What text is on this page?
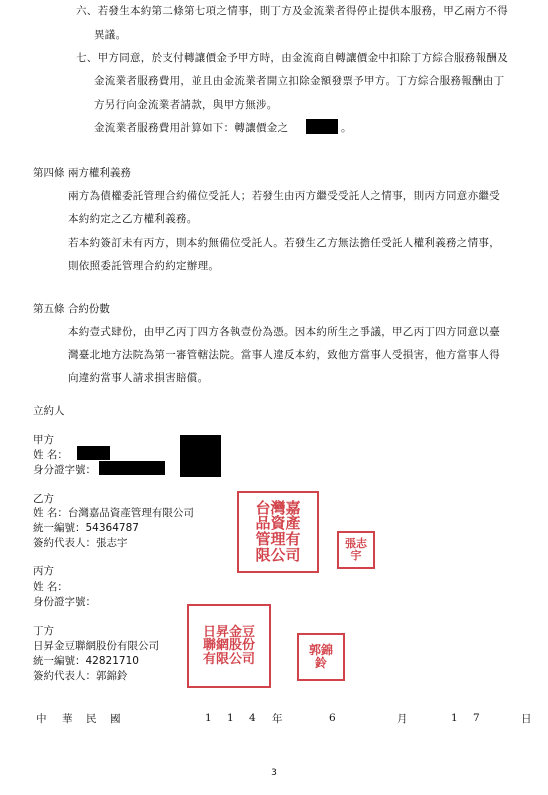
六、若發生本約第二條第七項之情事，則丁方及金流業者得停止提供本服務，甲乙兩方不得
異議。
七、甲方同意，於支付轉讓價金予甲方時，由金流商自轉讓價金中扣除丁方綜合服務報酬及
金流業者服務費用，並且由金流業者開立扣除金額發票予甲方。丁方綜合服務報酬由丁
方另行向金流業者請款，與甲方無涉。
金流業者服務費用計算如下：轉讓價金之	。
第四條 兩方權利義務
兩方為債權委託管理合約備位受託人；若發生由丙方繼受受託人之情事，則丙方同意亦繼受
本約約定之乙方權利義務。
若本約簽訂未有丙方，則本約無備位受託人。若發生乙方無法擔任受託人權利義務之情事，
則依照委託管理合約約定辦理。
第五條 合約份數
本約壹式肆份，由甲乙丙丁四方各執壹份為憑。因本約所生之爭議，甲乙丙丁四方同意以臺
灣臺北地方法院為第一審管轄法院。當事人違反本約，致他方當事人受損害，他方當事人得
向違約當事人請求損害賠償。
立約人
甲方
姓 名：
身分證字號：
乙方
姓 名：台灣嘉品資產管理有限公司
統一編號：54364787
簽約代表人：張志宇
丙方
姓 名：
身份證字號：
丁方
日昇金豆聯網股份有限公司
統一編號：42821710
簽約代表人：郭錦鈴
台灣嘉
品資產
管理有
限公司
張志
宇
日昇金豆
聯網股份
有限公司
郭錦
鈴
中 華 民 國	1 1 4 年	6	月	1 7	日
3
